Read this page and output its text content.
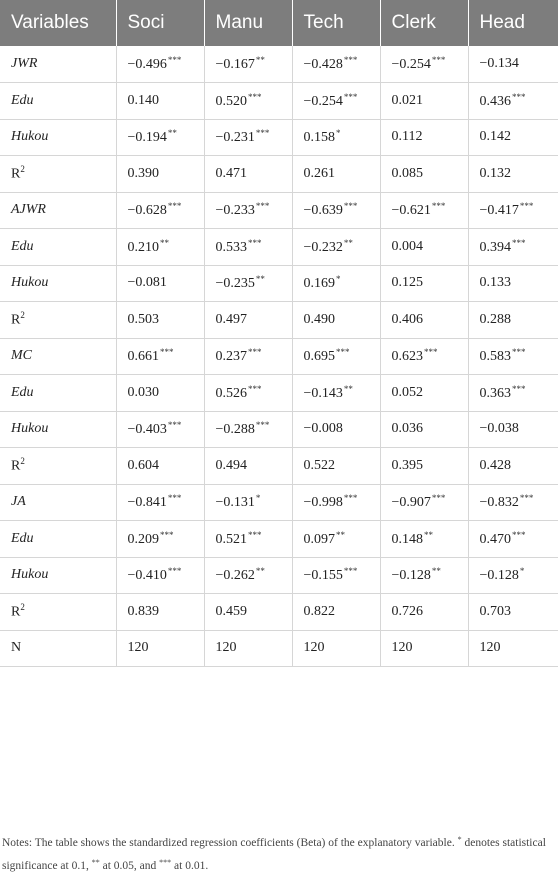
Variables	Soci	Manu	Tech	Clerk	Head
JWR	−0.496***	−0.167**	−0.428***	−0.254***	−0.134
Edu	0.140	0.520***	−0.254***	0.021	0.436***
Hukou	−0.194**	−0.231***	0.158*	0.112	0.142
$R^2$	0.390	0.471	0.261	0.085	0.132
AJWR	−0.628***	−0.233***	−0.639***	−0.621***	−0.417***
Edu	0.210**	0.533***	−0.232**	0.004	0.394***
Hukou	−0.081	−0.235**	0.169*	0.125	0.133
$R^2$	0.503	0.497	0.490	0.406	0.288
MC	0.661***	0.237***	0.695***	0.623***	0.583***
Edu	0.030	0.526***	−0.143**	0.052	0.363***
Hukou	−0.403***	−0.288***	−0.008	0.036	−0.038
$R^2$	0.604	0.494	0.522	0.395	0.428
JA	−0.841***	−0.131*	−0.998***	−0.907***	−0.832***
Edu	0.209***	0.521***	0.097**	0.148**	0.470***
Hukou	−0.410***	−0.262**	−0.155***	−0.128**	−0.128*
$R^2$	0.839	0.459	0.822	0.726	0.703
N	120	120	120	120	120

Notes: The table shows the standardized regression coefficients (Beta) of the explanatory variable. * denotes statistical significance at 0.1, ** at 0.05, and *** at 0.01.
